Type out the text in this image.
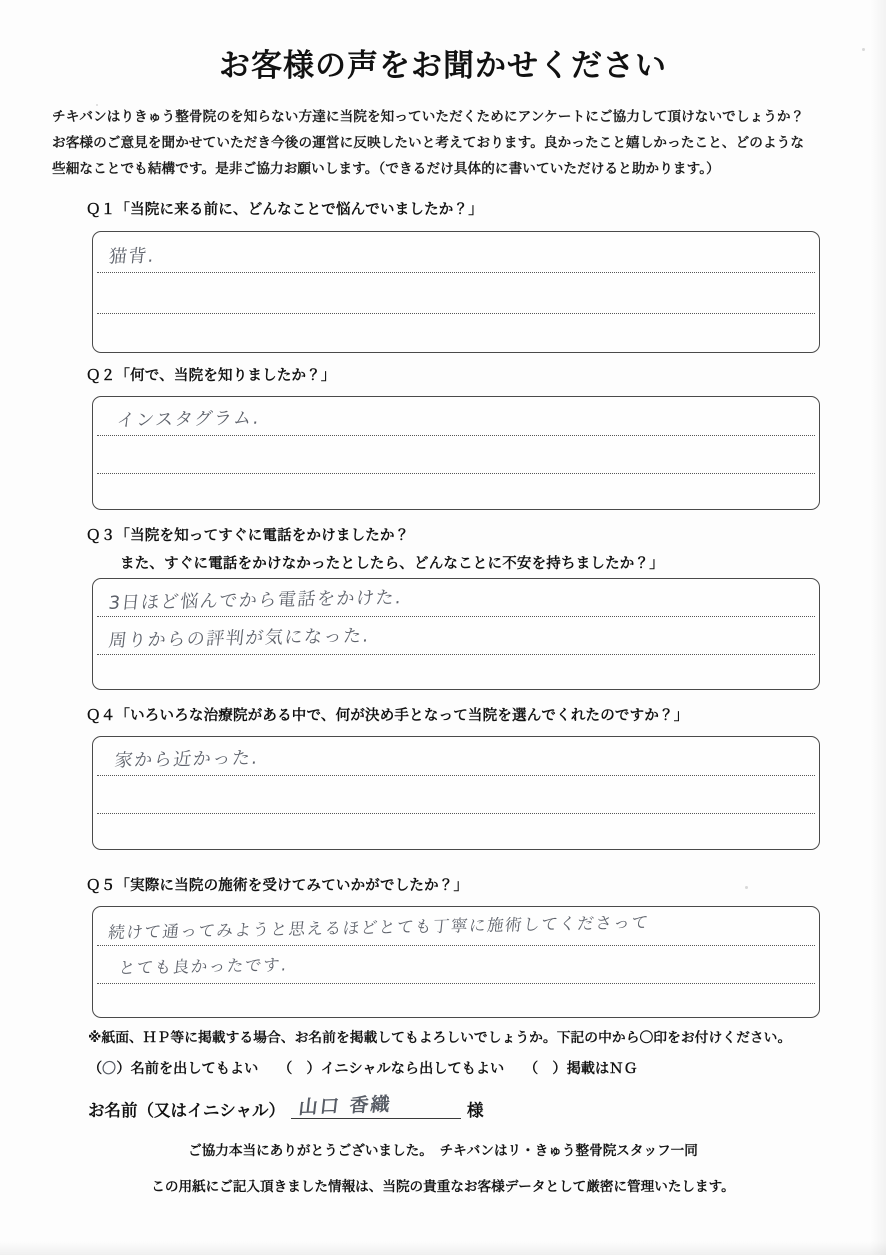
お客様の声をお聞かせください
チキバンはりきゅう整骨院のを知らない方達に当院を知っていただくためにアンケートにご協力して頂けないでしょうか？
お客様のご意見を聞かせていただき今後の運営に反映したいと考えております。良かったこと嬉しかったこと、どのような
些細なことでも結構です。是非ご協力お願いします。（できるだけ具体的に書いていただけると助かります。）
Ｑ１「当院に来る前に、どんなことで悩んでいましたか？」
猫背.
Ｑ２「何で、当院を知りましたか？」
インスタグラム.
Ｑ３「当院を知ってすぐに電話をかけましたか？
また、すぐに電話をかけなかったとしたら、どんなことに不安を持ちましたか？」
3日ほど悩んでから電話をかけた.
周りからの評判が気になった.
Ｑ４「いろいろな治療院がある中で、何が決め手となって当院を選んでくれたのですか？」
家から近かった.
Ｑ５「実際に当院の施術を受けてみていかがでしたか？」
続けて通ってみようと思えるほどとても丁寧に施術してくださって
とても良かったです.
※紙面、ＨＰ等に掲載する場合、お名前を掲載してもよろしいでしょうか。下記の中から〇印をお付けください。
（〇）名前を出してもよい （　）イニシャルなら出してもよい （　）掲載はＮＧ
お名前（又はイニシャル） 山口 香織	様
ご協力本当にありがとうございました。　チキバンはリ・きゅう整骨院スタッフ一同
この用紙にご記入頂きました情報は、当院の貴重なお客様データとして厳密に管理いたします。
